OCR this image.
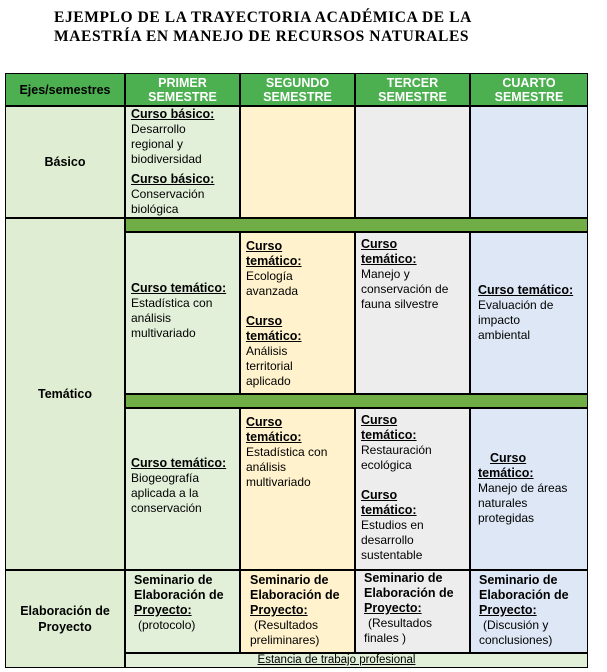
EJEMPLO DE LA TRAYECTORIA ACADÉMICA DE LA
MAESTRÍA EN MANEJO DE RECURSOS NATURALES
Ejes/semestres	PRIMER
SEMESTRE
SEGUNDO
SEMESTRE
TERCER
SEMESTRE
CUARTO
SEMESTRE
Básico
Curso básico:
Desarrollo
regional y
biodiversidad
Curso básico:
Conservación
biológica
Temático
Curso temático:
Estadística con
análisis
multivariado
Curso
temático:
Ecología
avanzada
Curso
temático:
Análisis
territorial
aplicado
Curso
temático:
Manejo y
conservación de
fauna silvestre
Curso temático:
Evaluación de
impacto
ambiental
Curso temático:
Biogeografía
aplicada a la
conservación
Curso
temático:
Estadística con
análisis
multivariado
Curso
temático:
Restauración
ecológica
Curso
temático:
Estudios en
desarrollo
sustentable
Curso
temático:
Manejo de áreas
naturales
protegidas
Elaboración de
Proyecto
Seminario de
Elaboración de
Proyecto:
(protocolo)
Seminario de
Elaboración de
Proyecto:
(Resultados
preliminares)
Seminario de
Elaboración de
Proyecto:
(Resultados
finales )
Seminario de
Elaboración de
Proyecto:
(Discusión y
conclusiones)
Estancia de trabajo profesional
